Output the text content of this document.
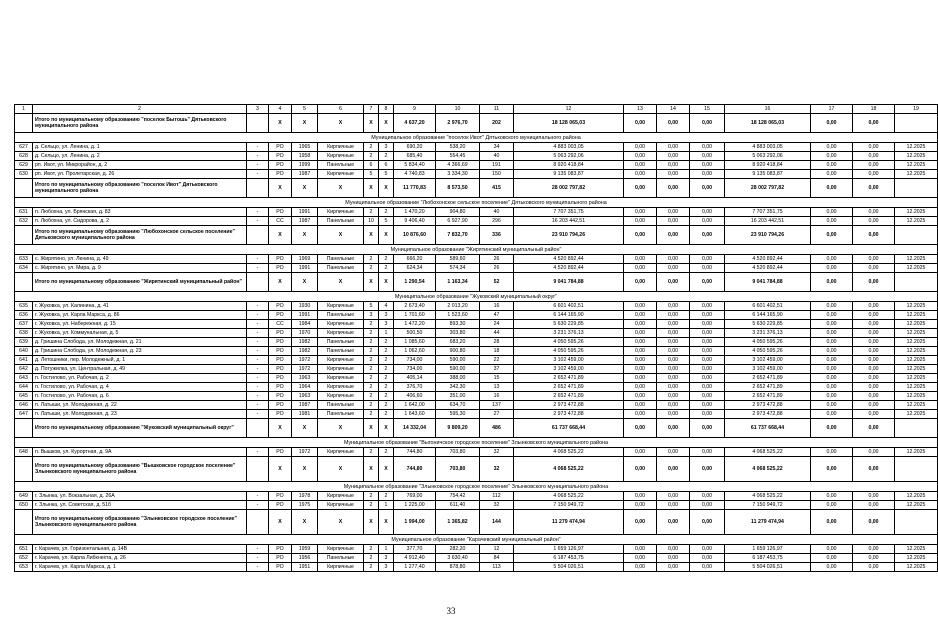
1	2	3	4	5	6	7	8	9	10	11	12	13	14	15	16	17	18	19
	Итого по муниципальному образованию "поселок Бытошь" Дятьковского муниципального района		X	X	X	X	X	4 637,20	2 976,70	202	18 128 065,03	0,00	0,00	0,00	18 128 065,03	0,00	0,00	
Муниципальное образование "поселок Ивот" Дятьковского муниципального района																		
627	д. Сельцо, ул. Ленина, д. 1	-	РО	1965	Кирпичные	2	3	690,20	538,20	34	4 883 003,05	0,00	0,00	0,00	4 883 003,05	0,00	0,00	12.2025
628	д. Сельцо, ул. Ленина, д. 2	-	РО	1958	Кирпичные	2	2	685,40	554,45	40	5 063 292,06	0,00	0,00	0,00	5 063 292,06	0,00	0,00	12.2025
629	рп. Ивот, ул. Микрорайон, д. 2	-	РО	1999	Панельные	6	6	5 834,40	4 366,69	191	8 920 418,84	0,00	0,00	0,00	8 920 418,84	0,00	0,00	12.2025
630	рп. Ивот, ул. Пролетарская, д. 26	-	РО	1987	Кирпичные	5	5	4 740,83	3 334,30	150	9 135 083,87	0,00	0,00	0,00	9 135 083,87	0,00	0,00	12.2025
	Итого по муниципальному образованию "поселок Ивот" Дятьковского муниципального района		X	X	X	X	X	11 770,83	8 573,50	415	28 002 797,82	0,00	0,00	0,00	28 002 797,82	0,00	0,00	
Муниципальное образование "Любохонское сельское поселение" Дятьковского муниципального района																		
631	п. Любохна, ул. Брянская, д. 83	-	РО	1991	Кирпичные	2	2	1 470,20	904,80	40	7 707 351,75	0,00	0,00	0,00	7 707 351,75	0,00	0,00	12.2025
632	п. Любохна, ул. Сидорова, д. 2	-	СС	1987	Панельные	10	5	9 406,40	6 927,90	296	16 203 442,51	0,00	0,00	0,00	16 203 442,51	0,00	0,00	12.2025
	Итого по муниципальному образованию "Любохонское сельское поселение" Дятьковского муниципального района		X	X	X	X	X	10 876,60	7 832,70	336	23 910 794,26	0,00	0,00	0,00	23 910 794,26	0,00	0,00	
Муниципальное образование "Жирятинский муниципальный район"																		
633	с. Жирятино, ул. Ленина, д. 49	-	РО	1969	Панельные	2	2	666,20	589,60	26	4 520 892,44	0,00	0,00	0,00	4 520 892,44	0,00	0,00	12.2025
634	с. Жирятино, ул. Мира, д. 9	-	РО	1991	Панельные	2	2	624,34	574,34	26	4 520 892,44	0,00	0,00	0,00	4 520 892,44	0,00	0,00	12.2025
	Итого по муниципальному образованию "Жирятинский муниципальный район"		X	X	X	X	X	1 290,54	1 163,34	52	9 041 784,88	0,00	0,00	0,00	9 041 784,88	0,00	0,00	
Муниципальное образование "Жуковский муниципальный округ"																		
635	г. Жуковка, ул. Калинина, д. 41	-	РО	1930	Кирпичные	5	4	2 673,40	2 013,20	16	6 601 402,51	0,00	0,00	0,00	6 601 402,51	0,00	0,00	12.2025
636	г. Жуковка, ул. Карла Маркса, д. 86	-	РО	1991	Панельные	3	3	1 701,60	1 523,60	47	6 144 165,90	0,00	0,00	0,00	6 144 165,90	0,00	0,00	12.2025
637	г. Жуковка, ул. Набережная, д. 15	-	СС	1984	Кирпичные	2	3	1 472,20	893,30	24	5 630 229,85	0,00	0,00	0,00	5 630 229,85	0,00	0,00	12.2025
638	г. Жуковка, ул. Коммунальная, д. 5	-	РО	1970	Кирпичные	2	1	500,50	303,80	44	3 231 376,13	0,00	0,00	0,00	3 231 376,13	0,00	0,00	12.2025
639	д. Гришина Слобода, ул. Молодежная, д. 21	-	РО	1982	Панельные	2	2	1 085,60	683,20	28	4 050 595,26	0,00	0,00	0,00	4 050 595,26	0,00	0,00	12.2025
640	д. Гришина Слобода, ул. Молодежная, д. 23	-	РО	1982	Панельные	2	2	1 062,60	900,80	18	4 050 595,26	0,00	0,00	0,00	4 050 595,26	0,00	0,00	12.2025
641	д. Летошники, пер. Молодежный, д. 1	-	РО	1972	Кирпичные	2	2	734,00	590,00	22	3 102 459,00	0,00	0,00	0,00	3 102 459,00	0,00	0,00	12.2025
642	д. Потужилка, ул. Центральная, д. 49	-	РО	1972	Кирпичные	2	2	734,00	590,00	37	3 102 459,00	0,00	0,00	0,00	3 102 459,00	0,00	0,00	12.2025
643	п. Гостилово, ул. Рабочая, д. 2	-	РО	1963	Кирпичные	2	2	405,14	388,00	15	2 652 471,89	0,00	0,00	0,00	2 652 471,89	0,00	0,00	12.2025
644	п. Гостилово, ул. Рабочая, д. 4	-	РО	1964	Кирпичные	2	2	376,70	342,30	13	2 652 471,89	0,00	0,00	0,00	2 652 471,89	0,00	0,00	12.2025
645	п. Гостилово, ул. Рабочая, д. 6	-	РО	1963	Кирпичные	2	2	406,60	351,00	16	2 652 471,89	0,00	0,00	0,00	2 652 471,89	0,00	0,00	12.2025
646	п. Латыши, ул. Молодежная, д. 22	-	РО	1987	Панельные	2	2	1 642,00	634,70	137	2 973 472,88	0,00	0,00	0,00	2 973 472,88	0,00	0,00	12.2025
647	п. Латыши, ул. Молодежная, д. 23	-	РО	1981	Панельные	2	2	1 643,60	595,30	27	2 973 472,88	0,00	0,00	0,00	2 973 472,88	0,00	0,00	12.2025
	Итого по муниципальному образованию "Жуковский муниципальный округ"		X	X	X	X	X	14 332,04	9 809,20	486	61 737 668,44	0,00	0,00	0,00	61 737 668,44	0,00	0,00	
Муниципальное образование "Выгоничское городское поселение" Злынковского муниципального района																		
648	п. Вышков, ул. Курортная, д. 9А	-	РО	1972	Кирпичные	2	2	744,80	703,80	32	4 068 525,22	0,00	0,00	0,00	4 068 525,22	0,00	0,00	12.2025
	Итого по муниципальному образованию "Вышковское городское поселение" Злынковского муниципального района		X	X	X	X	X	744,80	703,80	32	4 068 525,22	0,00	0,00	0,00	4 068 525,22	0,00	0,00	
Муниципальное образование "Злынковское городское поселение" Злынковского муниципального района																		
649	г. Злынка, ул. Вокзальная, д. 26А	-	РО	1978	Кирпичные	2	2	769,00	754,42	112	4 068 525,22	0,00	0,00	0,00	4 068 525,22	0,00	0,00	12.2025
650	г. Злынка, ул. Советская, д. 51б	-	РО	1975	Кирпичные	2	1	1 225,00	611,40	32	7 150 949,72	0,00	0,00	0,00	7 150 949,72	0,00	0,00	12.2025
	Итого по муниципальному образованию "Злынковское городское поселение" Злынковского муниципального района		X	X	X	X	X	1 994,00	1 365,82	144	11 279 474,94	0,00	0,00	0,00	11 279 474,94	0,00	0,00	
Муниципальное образование "Карачевский муниципальный район"																		
651	г. Карачев, ул. Горизонтальная, д. 14В	-	РО	1959	Кирпичные	2	1	377,70	282,20	12	1 659 126,97	0,00	0,00	0,00	1 659 126,97	0,00	0,00	12.2025
652	г. Карачев, ул. Карла Либкнехта, д. 26	-	РО	1956	Панельные	2	3	4 912,40	3 630,40	84	6 187 453,75	0,00	0,00	0,00	6 187 453,75	0,00	0,00	12.2025
653	г. Карачев, ул. Карла Маркса, д. 1	-	РО	1951	Кирпичные	2	3	1 277,40	878,80	113	5 504 026,51	0,00	0,00	0,00	5 504 026,51	0,00	0,00	12.2025
33
